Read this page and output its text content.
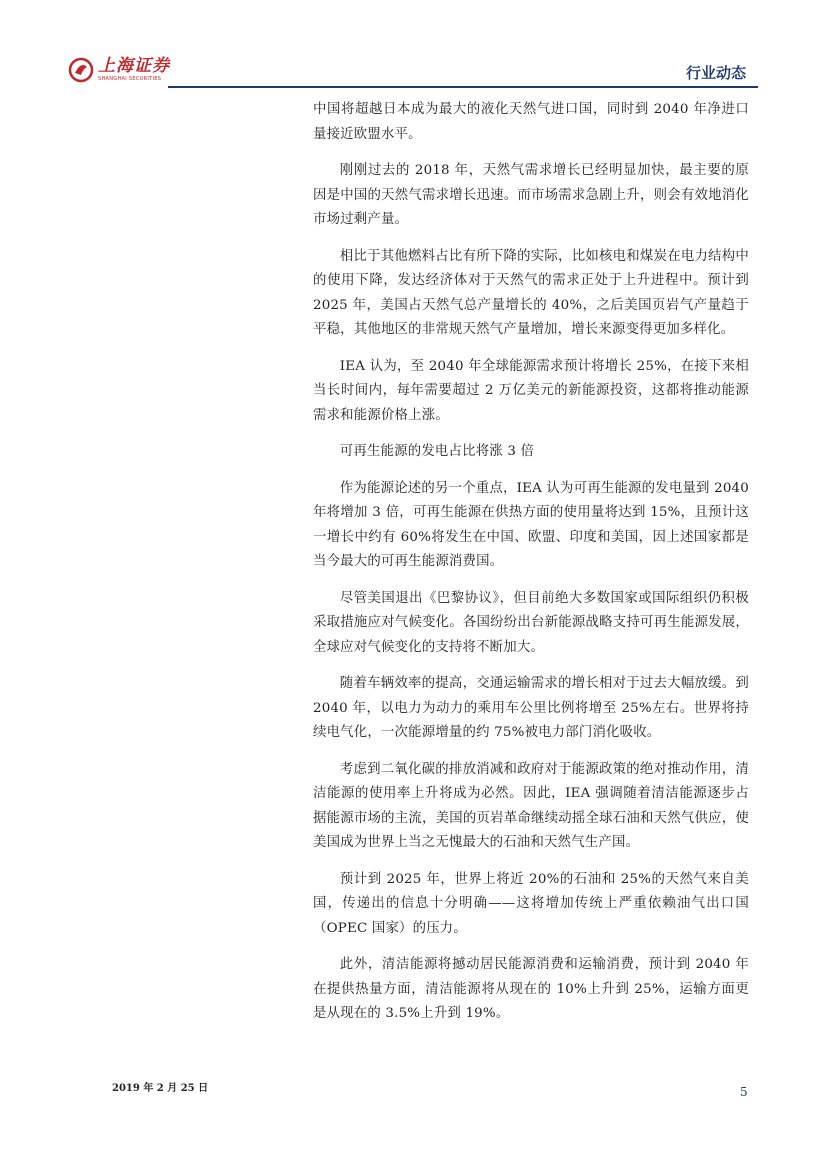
上海证券
SHANGHAI SECURITIES	行业动态

中国将超越日本成为最大的液化天然气进口国，同时到 2040 年净进口量接近欧盟水平。

刚刚过去的 2018 年，天然气需求增长已经明显加快，最主要的原因是中国的天然气需求增长迅速。而市场需求急剧上升，则会有效地消化市场过剩产量。

相比于其他燃料占比有所下降的实际，比如核电和煤炭在电力结构中的使用下降，发达经济体对于天然气的需求正处于上升进程中。预计到 2025 年，美国占天然气总产量增长的 40%，之后美国页岩气产量趋于平稳，其他地区的非常规天然气产量增加，增长来源变得更加多样化。

IEA 认为，至 2040 年全球能源需求预计将增长 25%，在接下来相当长时间内，每年需要超过 2 万亿美元的新能源投资，这都将推动能源需求和能源价格上涨。

可再生能源的发电占比将涨 3 倍

作为能源论述的另一个重点，IEA 认为可再生能源的发电量到 2040 年将增加 3 倍，可再生能源在供热方面的使用量将达到 15%，且预计这一增长中约有 60%将发生在中国、欧盟、印度和美国，因上述国家都是当今最大的可再生能源消费国。

尽管美国退出《巴黎协议》，但目前绝大多数国家或国际组织仍积极采取措施应对气候变化。各国纷纷出台新能源战略支持可再生能源发展，全球应对气候变化的支持将不断加大。

随着车辆效率的提高，交通运输需求的增长相对于过去大幅放缓。到 2040 年，以电力为动力的乘用车公里比例将增至 25%左右。世界将持续电气化，一次能源增量的约 75%被电力部门消化吸收。

考虑到二氧化碳的排放消减和政府对于能源政策的绝对推动作用，清洁能源的使用率上升将成为必然。因此，IEA 强调随着清洁能源逐步占据能源市场的主流，美国的页岩革命继续动摇全球石油和天然气供应，使美国成为世界上当之无愧最大的石油和天然气生产国。

预计到 2025 年，世界上将近 20%的石油和 25%的天然气来自美国，传递出的信息十分明确——这将增加传统上严重依赖油气出口国（OPEC 国家）的压力。

此外，清洁能源将撼动居民能源消费和运输消费，预计到 2040 年在提供热量方面，清洁能源将从现在的 10%上升到 25%，运输方面更是从现在的 3.5%上升到 19%。

2019 年 2 月 25 日	5
